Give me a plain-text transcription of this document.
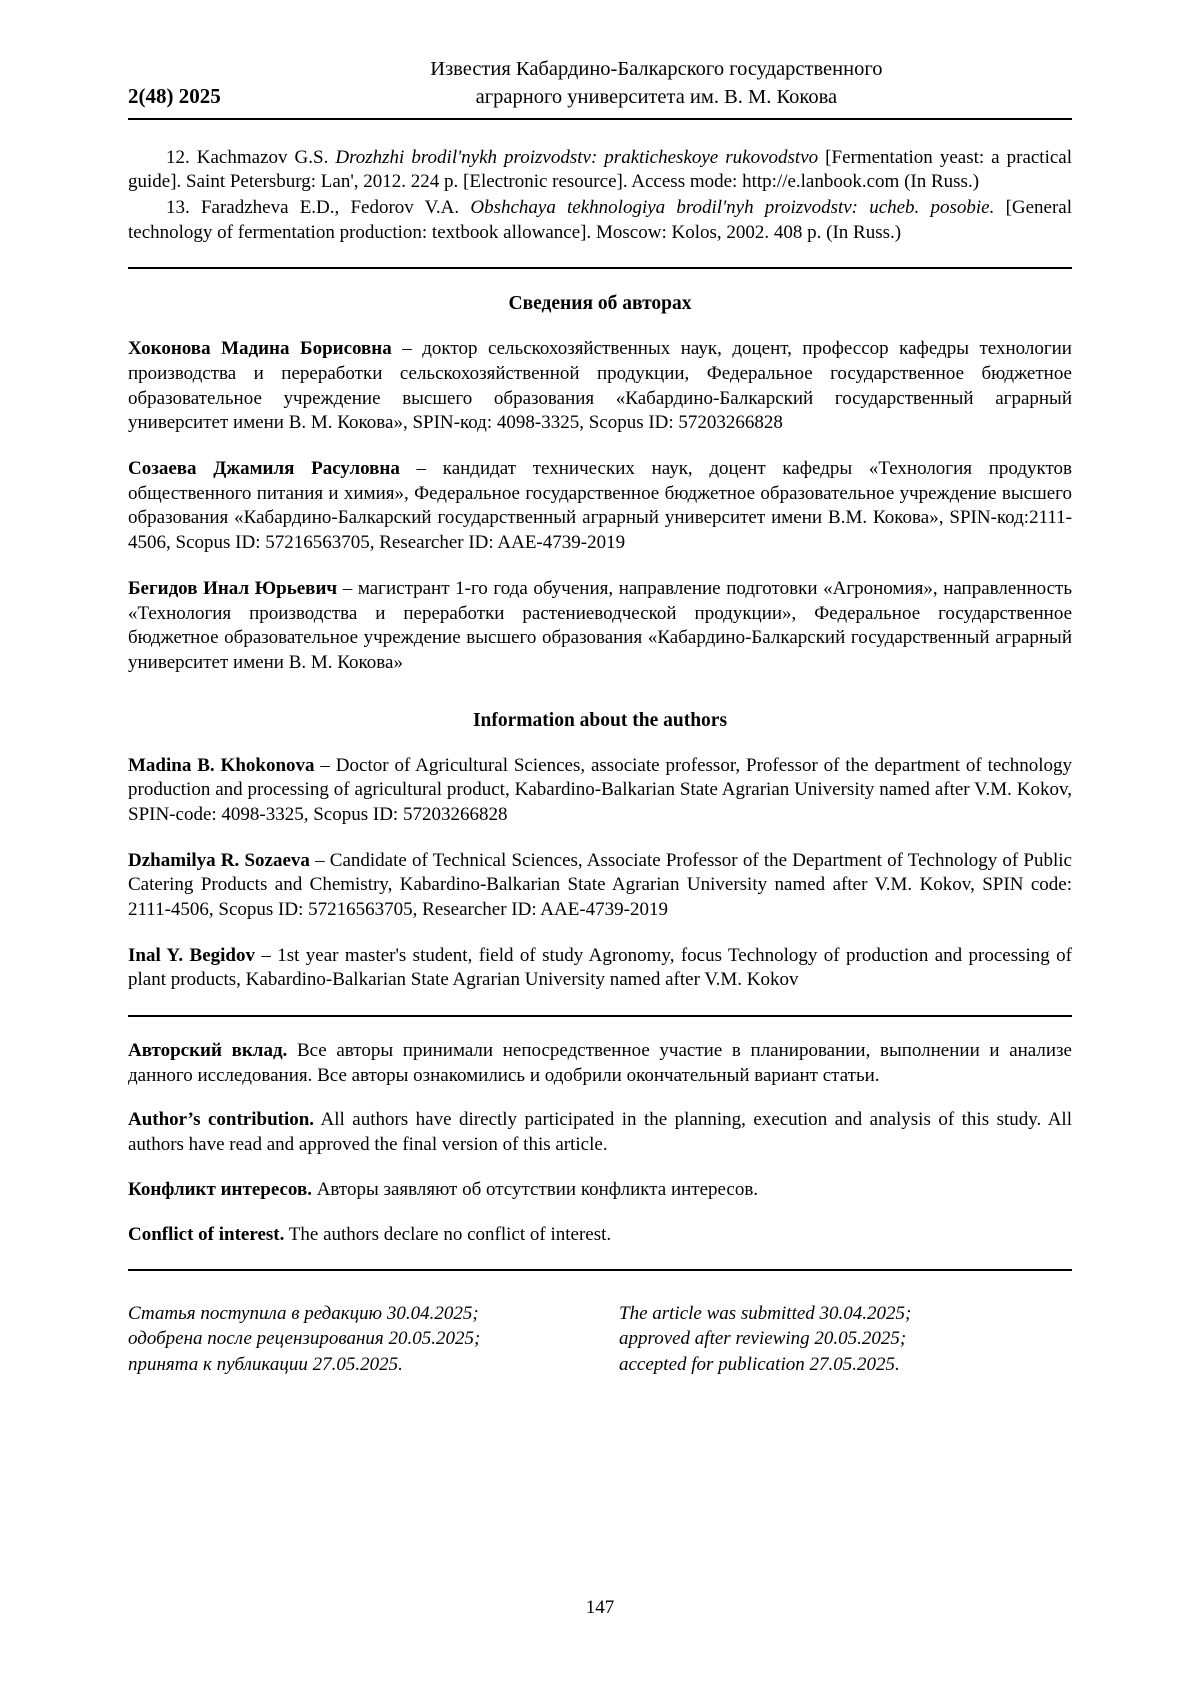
2(48) 2025
Известия Кабардино-Балкарского государственного
аграрного университета им. В. М. Кокова
12. Kachmazov G.S. Drozhzhi brodil'nykh proizvodstv: prakticheskoye rukovodstvo [Fermentation yeast: a practical guide]. Saint Petersburg: Lan', 2012. 224 p. [Electronic resource]. Access mode: http://e.lanbook.com (In Russ.)
13. Faradzheva E.D., Fedorov V.A. Obshchaya tekhnologiya brodil'nyh proizvodstv: ucheb. posobie. [General technology of fermentation production: textbook allowance]. Moscow: Kolos, 2002. 408 p. (In Russ.)
Сведения об авторах
Хоконова Мадина Борисовна – доктор сельскохозяйственных наук, доцент, профессор кафедры технологии производства и переработки сельскохозяйственной продукции, Федеральное государственное бюджетное образовательное учреждение высшего образования «Кабардино-Балкарский государственный аграрный университет имени В. М. Кокова», SPIN-код: 4098-3325, Scopus ID: 57203266828
Созаева Джамиля Расуловна – кандидат технических наук, доцент кафедры «Технология продуктов общественного питания и химия», Федеральное государственное бюджетное образовательное учреждение высшего образования «Кабардино-Балкарский государственный аграрный университет имени В.М. Кокова», SPIN-код:2111-4506, Scopus ID: 57216563705, Researcher ID: AAE-4739-2019
Бегидов Инал Юрьевич – магистрант 1-го года обучения, направление подготовки «Агрономия», направленность «Технология производства и переработки растениеводческой продукции», Федеральное государственное бюджетное образовательное учреждение высшего образования «Кабардино-Балкарский государственный аграрный университет имени В. М. Кокова»
Information about the authors
Madina B. Khokonova – Doctor of Agricultural Sciences, associate professor, Professor of the department of technology production and processing of agricultural product, Kabardino-Balkarian State Agrarian University named after V.M. Kokov, SPIN-code: 4098-3325, Scopus ID: 57203266828
Dzhamilya R. Sozaeva – Candidate of Technical Sciences, Associate Professor of the Department of Technology of Public Catering Products and Chemistry, Kabardino-Balkarian State Agrarian University named after V.M. Kokov, SPIN code: 2111-4506, Scopus ID: 57216563705, Researcher ID: AAE-4739-2019
Inal Y. Begidov – 1st year master's student, field of study Agronomy, focus Technology of production and processing of plant products, Kabardino-Balkarian State Agrarian University named after V.M. Kokov
Авторский вклад. Все авторы принимали непосредственное участие в планировании, выполнении и анализе данного исследования. Все авторы ознакомились и одобрили окончательный вариант статьи.
Author’s contribution. All authors have directly participated in the planning, execution and analysis of this study. All authors have read and approved the final version of this article.
Конфликт интересов. Авторы заявляют об отсутствии конфликта интересов.
Conflict of interest. The authors declare no conflict of interest.
Статья поступила в редакцию 30.04.2025;
одобрена после рецензирования 20.05.2025;
принята к публикации 27.05.2025.
The article was submitted 30.04.2025;
approved after reviewing 20.05.2025;
accepted for publication 27.05.2025.
147
